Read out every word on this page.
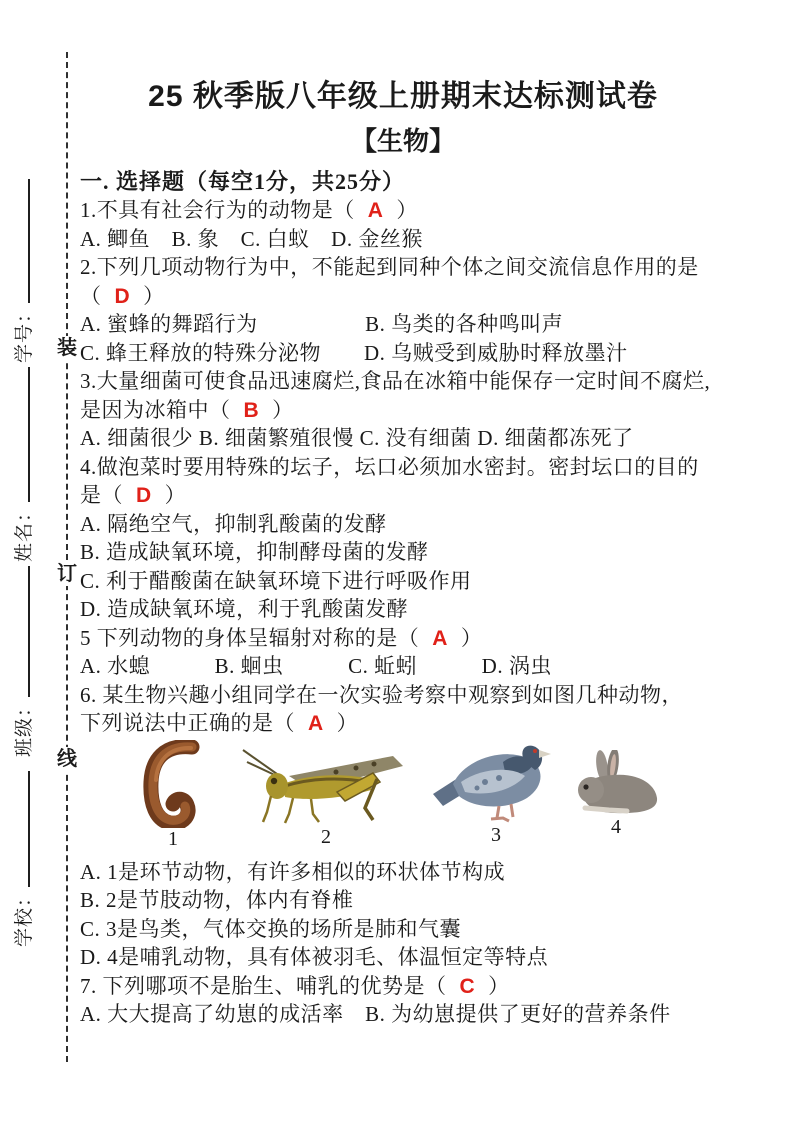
装
订
线
学号：
姓名：
班级：
学校：
25 秋季版八年级上册期末达标测试卷
【生物】
一. 选择题（每空1分，共25分）
1.不具有社会行为的动物是（ A ）
A. 鲫鱼　B. 象　C. 白蚁　D. 金丝猴
2.下列几项动物行为中，不能起到同种个体之间交流信息作用的是
（ D ）
A. 蜜蜂的舞蹈行为　　　　　B. 鸟类的各种鸣叫声
C. 蜂王释放的特殊分泌物　　D. 乌贼受到威胁时释放墨汁
3.大量细菌可使食品迅速腐烂,食品在冰箱中能保存一定时间不腐烂,
是因为冰箱中（ B ）
A. 细菌很少 B. 细菌繁殖很慢 C. 没有细菌 D. 细菌都冻死了
4.做泡菜时要用特殊的坛子，坛口必须加水密封。密封坛口的目的
是（ D ）
A. 隔绝空气，抑制乳酸菌的发酵
B. 造成缺氧环境，抑制酵母菌的发酵
C. 利于醋酸菌在缺氧环境下进行呼吸作用
D. 造成缺氧环境，利于乳酸菌发酵
5 下列动物的身体呈辐射对称的是（ A ）
A. 水螅　　　B. 蛔虫　　　C. 蚯蚓　　　D. 涡虫
6. 某生物兴趣小组同学在一次实验考察中观察到如图几种动物，
下列说法中正确的是（ A ）
1	2	3	4
A. 1是环节动物，有许多相似的环状体节构成
B. 2是节肢动物，体内有脊椎
C. 3是鸟类，气体交换的场所是肺和气囊
D. 4是哺乳动物，具有体被羽毛、体温恒定等特点
7. 下列哪项不是胎生、哺乳的优势是（ C ）
A. 大大提高了幼崽的成活率　B. 为幼崽提供了更好的营养条件
